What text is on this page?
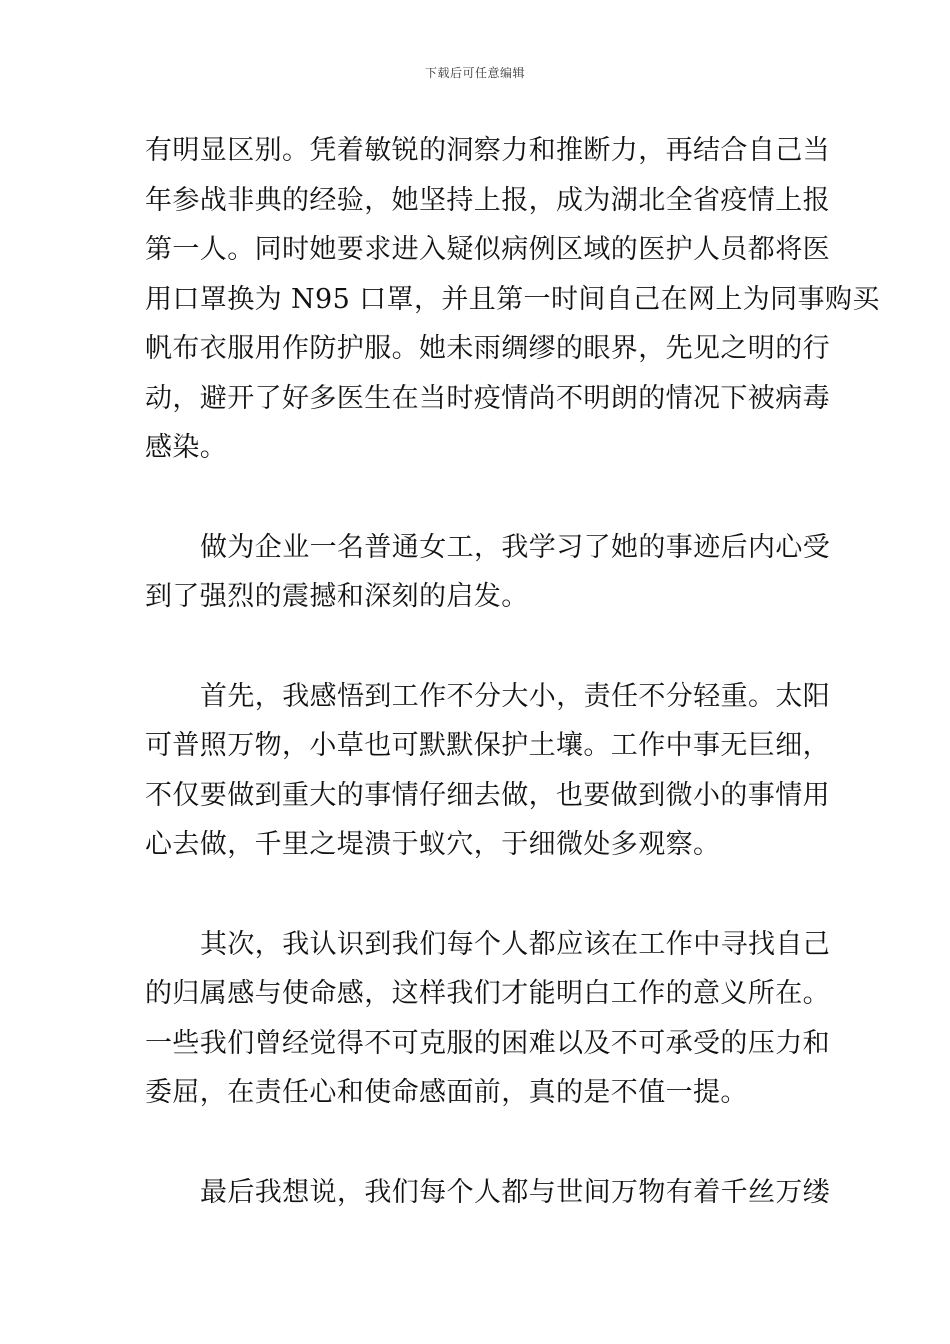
下载后可任意编辑
有明显区别。凭着敏锐的洞察力和推断力，再结合自己当
年参战非典的经验，她坚持上报，成为湖北全省疫情上报
第一人。同时她要求进入疑似病例区域的医护人员都将医
用口罩换为 N95 口罩，并且第一时间自己在网上为同事购买
帆布衣服用作防护服。她未雨绸缪的眼界，先见之明的行
动，避开了好多医生在当时疫情尚不明朗的情况下被病毒
感染。
做为企业一名普通女工，我学习了她的事迹后内心受
到了强烈的震撼和深刻的启发。
首先，我感悟到工作不分大小，责任不分轻重。太阳
可普照万物，小草也可默默保护土壤。工作中事无巨细，
不仅要做到重大的事情仔细去做，也要做到微小的事情用
心去做，千里之堤溃于蚁穴，于细微处多观察。
其次，我认识到我们每个人都应该在工作中寻找自己
的归属感与使命感，这样我们才能明白工作的意义所在。
一些我们曾经觉得不可克服的困难以及不可承受的压力和
委屈，在责任心和使命感面前，真的是不值一提。
最后我想说，我们每个人都与世间万物有着千丝万缕
